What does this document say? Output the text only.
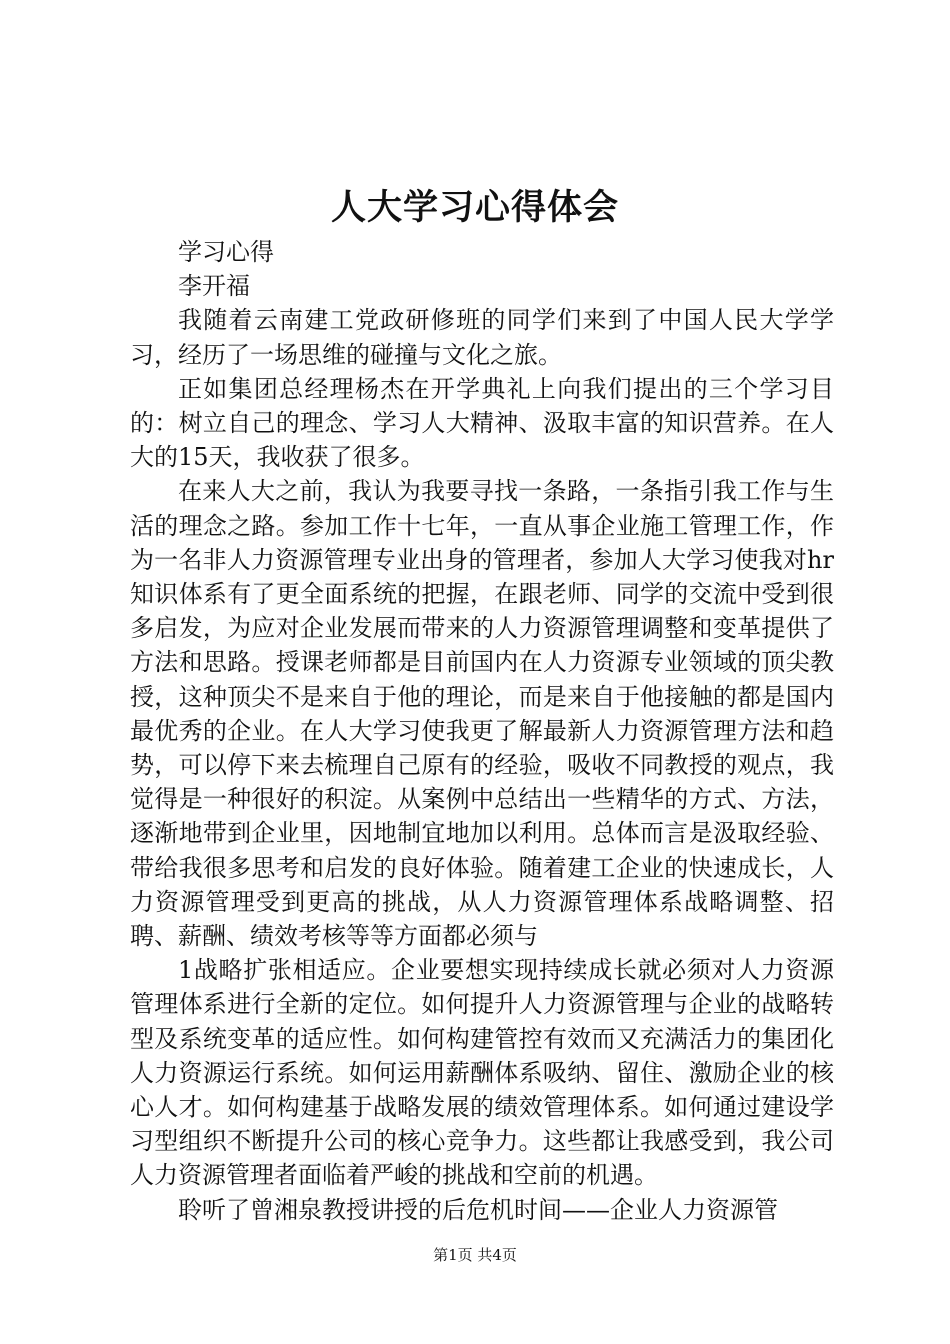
人大学习心得体会

学习心得

李开福

我随着云南建工党政研修班的同学们来到了中国人民大学学习，经历了一场思维的碰撞与文化之旅。

正如集团总经理杨杰在开学典礼上向我们提出的三个学习目的：树立自己的理念、学习人大精神、汲取丰富的知识营养。在人大的15天，我收获了很多。

在来人大之前，我认为我要寻找一条路，一条指引我工作与生活的理念之路。参加工作十七年，一直从事企业施工管理工作，作为一名非人力资源管理专业出身的管理者，参加人大学习使我对hr知识体系有了更全面系统的把握，在跟老师、同学的交流中受到很多启发，为应对企业发展而带来的人力资源管理调整和变革提供了方法和思路。授课老师都是目前国内在人力资源专业领域的顶尖教授，这种顶尖不是来自于他的理论，而是来自于他接触的都是国内最优秀的企业。在人大学习使我更了解最新人力资源管理方法和趋势，可以停下来去梳理自己原有的经验，吸收不同教授的观点，我觉得是一种很好的积淀。从案例中总结出一些精华的方式、方法，逐渐地带到企业里，因地制宜地加以利用。总体而言是汲取经验、带给我很多思考和启发的良好体验。随着建工企业的快速成长，人力资源管理受到更高的挑战，从人力资源管理体系战略调整、招聘、薪酬、绩效考核等等方面都必须与

1战略扩张相适应。企业要想实现持续成长就必须对人力资源管理体系进行全新的定位。如何提升人力资源管理与企业的战略转型及系统变革的适应性。如何构建管控有效而又充满活力的集团化人力资源运行系统。如何运用薪酬体系吸纳、留住、激励企业的核心人才。如何构建基于战略发展的绩效管理体系。如何通过建设学习型组织不断提升公司的核心竞争力。这些都让我感受到，我公司人力资源管理者面临着严峻的挑战和空前的机遇。

聆听了曾湘泉教授讲授的后危机时间——企业人力资源管

第1页 共4页
